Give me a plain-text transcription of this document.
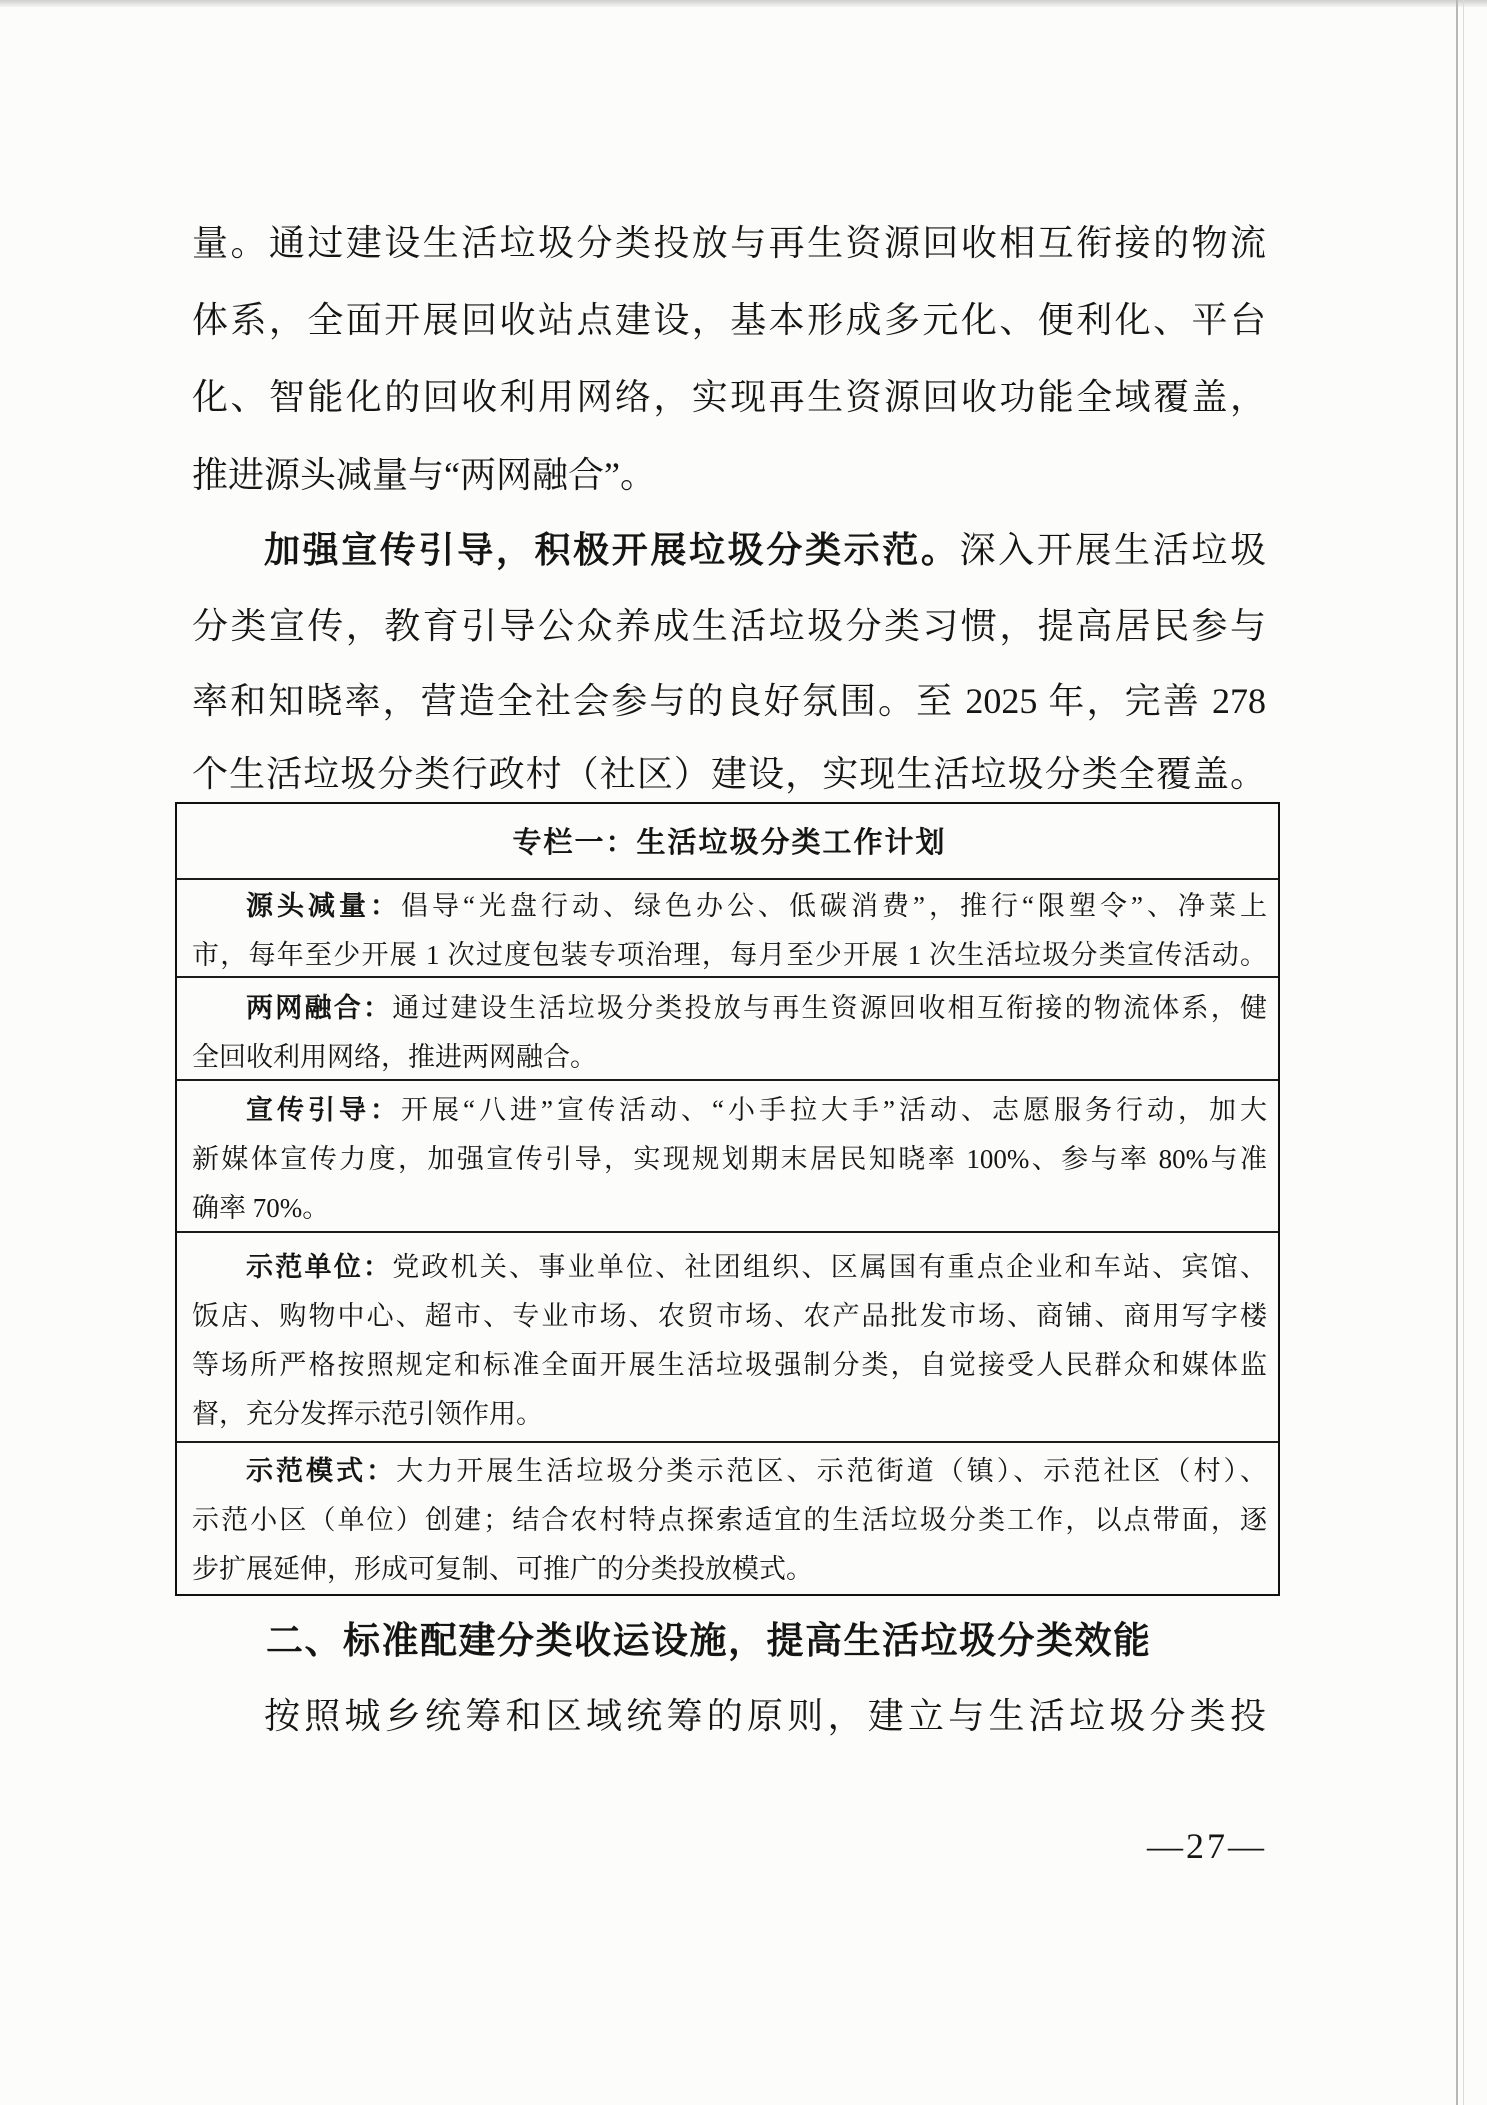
量。通过建设生活垃圾分类投放与再生资源回收相互衔接的物流
体系，全面开展回收站点建设，基本形成多元化、便利化、平台
化、智能化的回收利用网络，实现再生资源回收功能全域覆盖，
推进源头减量与“两网融合”。
加强宣传引导，积极开展垃圾分类示范。深入开展生活垃圾
分类宣传，教育引导公众养成生活垃圾分类习惯，提高居民参与
率和知晓率，营造全社会参与的良好氛围。至 2025 年，完善 278
个生活垃圾分类行政村（社区）建设，实现生活垃圾分类全覆盖。
专栏一：生活垃圾分类工作计划
源头减量：倡导“光盘行动、绿色办公、低碳消费”，推行“限塑令”、净菜上
市，每年至少开展 1 次过度包装专项治理，每月至少开展 1 次生活垃圾分类宣传活动。
两网融合：通过建设生活垃圾分类投放与再生资源回收相互衔接的物流体系，健
全回收利用网络，推进两网融合。
宣传引导：开展“八进”宣传活动、“小手拉大手”活动、志愿服务行动，加大
新媒体宣传力度，加强宣传引导，实现规划期末居民知晓率 100%、参与率 80%与准
确率 70%。
示范单位：党政机关、事业单位、社团组织、区属国有重点企业和车站、宾馆、
饭店、购物中心、超市、专业市场、农贸市场、农产品批发市场、商铺、商用写字楼
等场所严格按照规定和标准全面开展生活垃圾强制分类，自觉接受人民群众和媒体监
督，充分发挥示范引领作用。
示范模式：大力开展生活垃圾分类示范区、示范街道（镇）、示范社区（村）、
示范小区（单位）创建；结合农村特点探索适宜的生活垃圾分类工作，以点带面，逐
步扩展延伸，形成可复制、可推广的分类投放模式。
二、标准配建分类收运设施，提高生活垃圾分类效能
按照城乡统筹和区域统筹的原则，建立与生活垃圾分类投
—27—
